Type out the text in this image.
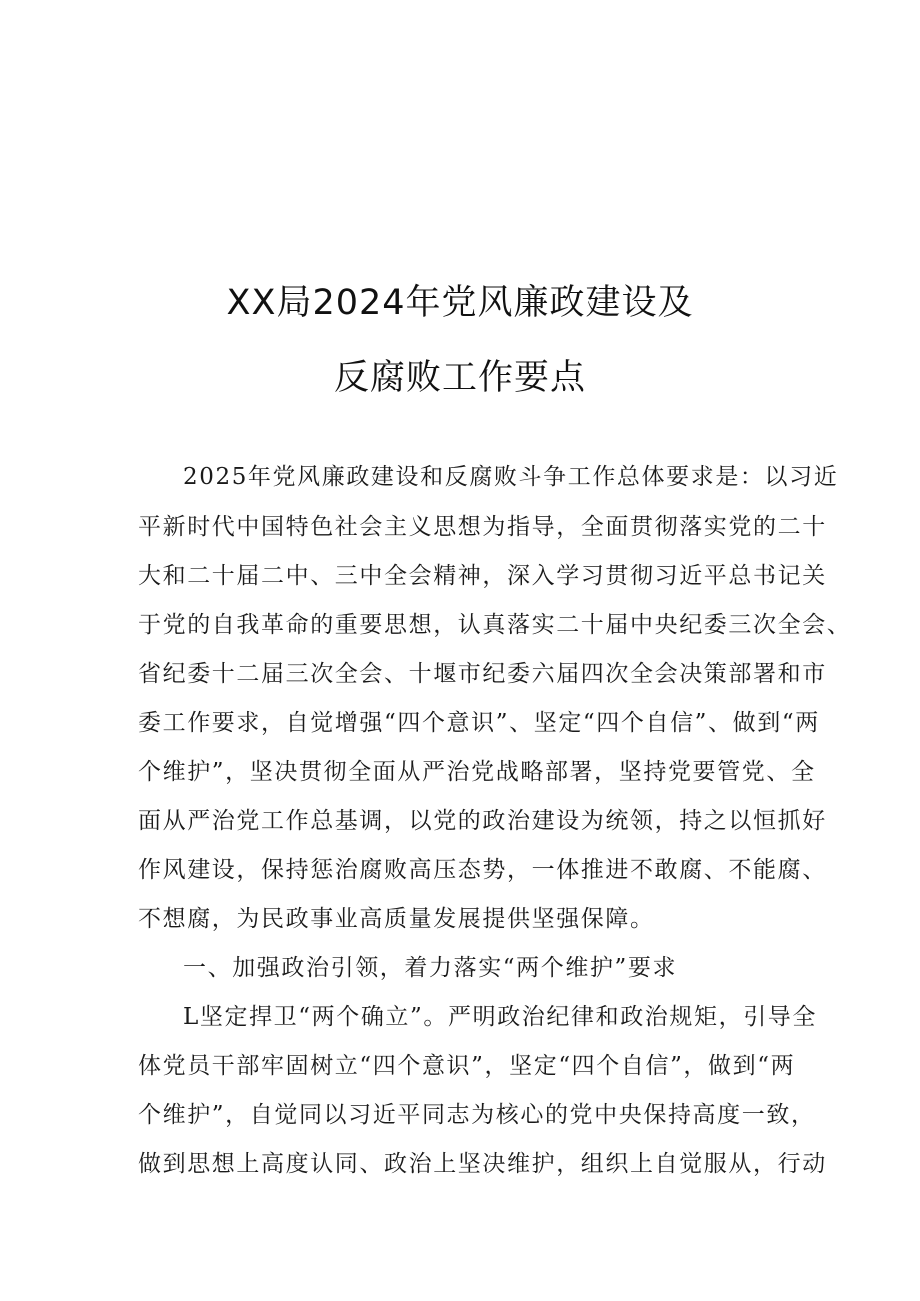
XX局2024年党风廉政建设及
反腐败工作要点

2025年党风廉政建设和反腐败斗争工作总体要求是：以习近

平新时代中国特色社会主义思想为指导，全面贯彻落实党的二十

大和二十届二中、三中全会精神，深入学习贯彻习近平总书记关

于党的自我革命的重要思想，认真落实二十届中央纪委三次全会、

省纪委十二届三次全会、十堰市纪委六届四次全会决策部署和市

委工作要求，自觉增强“四个意识”、坚定“四个自信”、做到“两

个维护”，坚决贯彻全面从严治党战略部署，坚持党要管党、全

面从严治党工作总基调，以党的政治建设为统领，持之以恒抓好

作风建设，保持惩治腐败高压态势，一体推进不敢腐、不能腐、

不想腐，为民政事业高质量发展提供坚强保障。

一、加强政治引领，着力落实“两个维护”要求

L坚定捍卫“两个确立”。严明政治纪律和政治规矩，引导全

体党员干部牢固树立“四个意识”，坚定“四个自信”，做到“两

个维护”，自觉同以习近平同志为核心的党中央保持高度一致，

做到思想上高度认同、政治上坚决维护，组织上自觉服从，行动
